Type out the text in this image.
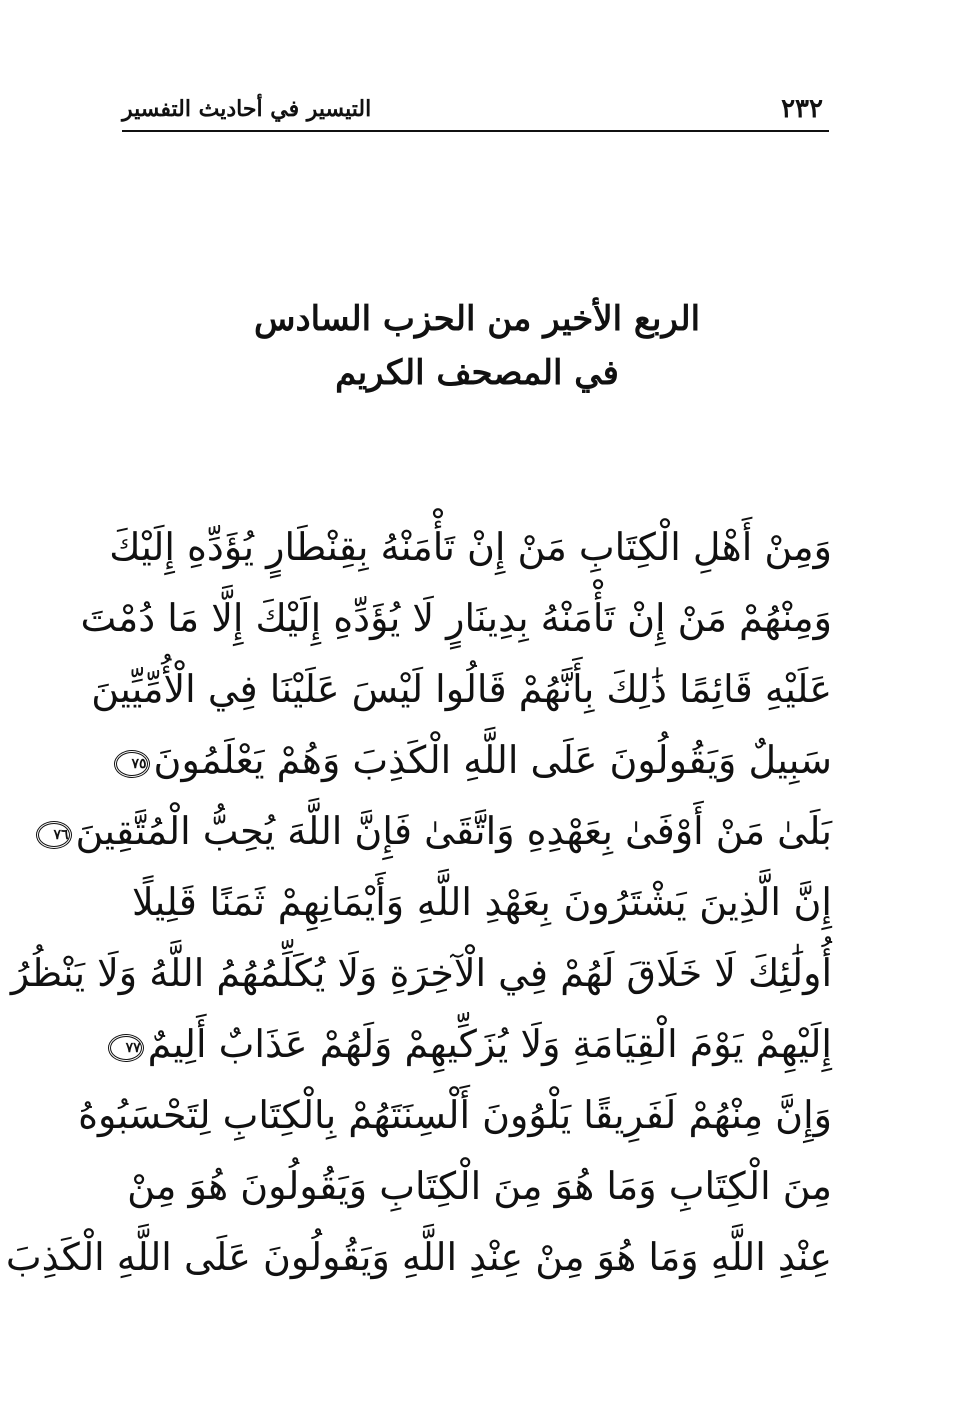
٢٣٢
التيسير في أحاديث التفسير
الربع الأخير من الحزب السادس
في المصحف الكريم
وَمِنْ أَهْلِ الْكِتَابِ مَنْ إِنْ تَأْمَنْهُ بِقِنْطَارٍ يُؤَدِّهِ إِلَيْكَ
وَمِنْهُمْ مَنْ إِنْ تَأْمَنْهُ بِدِينَارٍ لَا يُؤَدِّهِ إِلَيْكَ إِلَّا مَا دُمْتَ
عَلَيْهِ قَائِمًا ذَٰلِكَ بِأَنَّهُمْ قَالُوا لَيْسَ عَلَيْنَا فِي الْأُمِّيِّينَ
سَبِيلٌ وَيَقُولُونَ عَلَى اللَّهِ الْكَذِبَ وَهُمْ يَعْلَمُونَ٧٥
بَلَىٰ مَنْ أَوْفَىٰ بِعَهْدِهِ وَاتَّقَىٰ فَإِنَّ اللَّهَ يُحِبُّ الْمُتَّقِينَ٧٦
إِنَّ الَّذِينَ يَشْتَرُونَ بِعَهْدِ اللَّهِ وَأَيْمَانِهِمْ ثَمَنًا قَلِيلًا
أُولَٰئِكَ لَا خَلَاقَ لَهُمْ فِي الْآخِرَةِ وَلَا يُكَلِّمُهُمُ اللَّهُ وَلَا يَنْظُرُ
إِلَيْهِمْ يَوْمَ الْقِيَامَةِ وَلَا يُزَكِّيهِمْ وَلَهُمْ عَذَابٌ أَلِيمٌ٧٧
وَإِنَّ مِنْهُمْ لَفَرِيقًا يَلْوُونَ أَلْسِنَتَهُمْ بِالْكِتَابِ لِتَحْسَبُوهُ
مِنَ الْكِتَابِ وَمَا هُوَ مِنَ الْكِتَابِ وَيَقُولُونَ هُوَ مِنْ
عِنْدِ اللَّهِ وَمَا هُوَ مِنْ عِنْدِ اللَّهِ وَيَقُولُونَ عَلَى اللَّهِ الْكَذِبَ
